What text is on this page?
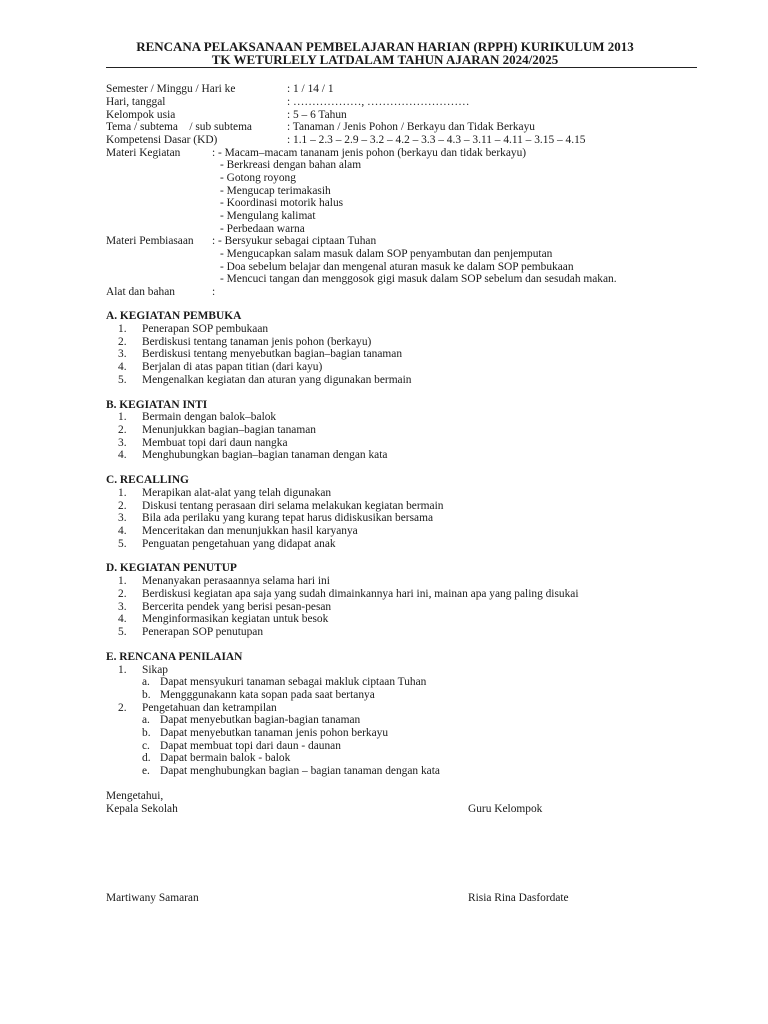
RENCANA PELAKSANAAN PEMBELAJARAN HARIAN (RPPH) KURIKULUM 2013
TK WETURLELY LATDALAM TAHUN AJARAN 2024/2025
Semester / Minggu / Hari ke	: 1 / 14 / 1
Hari, tanggal	: ………………, ………………………
Kelompok usia	: 5 – 6 Tahun
Tema / subtema    / sub subtema	: Tanaman / Jenis Pohon / Berkayu dan Tidak Berkayu
Kompetensi Dasar (KD)	: 1.1 – 2.3 – 2.9 – 3.2 – 4.2 – 3.3 – 4.3 – 3.11 – 4.11 – 3.15 – 4.15
Materi Kegiatan	: - Macam–macam tananam jenis pohon (berkayu dan tidak berkayu)
- Berkreasi dengan bahan alam
- Gotong royong
- Mengucap terimakasih
- Koordinasi motorik halus
- Mengulang kalimat
- Perbedaan warna
Materi Pembiasaan : - Bersyukur sebagai ciptaan Tuhan
- Mengucapkan salam masuk dalam SOP penyambutan dan penjemputan
- Doa sebelum belajar dan mengenal aturan masuk ke dalam SOP pembukaan
- Mencuci tangan dan menggosok gigi masuk dalam SOP sebelum dan sesudah makan.
Alat dan bahan	:
A. KEGIATAN PEMBUKA
1. Penerapan SOP pembukaan
2. Berdiskusi tentang tanaman jenis pohon (berkayu)
3. Berdiskusi tentang menyebutkan bagian–bagian tanaman
4. Berjalan di atas papan titian (dari kayu)
5. Mengenalkan kegiatan dan aturan yang digunakan bermain
B. KEGIATAN INTI
1. Bermain dengan balok–balok
2. Menunjukkan bagian–bagian tanaman
3. Membuat topi dari daun nangka
4. Menghubungkan bagian–bagian tanaman dengan kata
C. RECALLING
1. Merapikan alat-alat yang telah digunakan
2. Diskusi tentang perasaan diri selama melakukan kegiatan bermain
3. Bila ada perilaku yang kurang tepat harus didiskusikan bersama
4. Menceritakan dan menunjukkan hasil karyanya
5. Penguatan pengetahuan yang didapat anak
D. KEGIATAN PENUTUP
1. Menanyakan perasaannya selama hari ini
2. Berdiskusi kegiatan apa saja yang sudah dimainkannya hari ini, mainan apa yang paling disukai
3. Bercerita pendek yang berisi pesan-pesan
4. Menginformasikan kegiatan untuk besok
5. Penerapan SOP penutupan
E. RENCANA PENILAIAN
1. Sikap
a. Dapat mensyukuri tanaman sebagai makluk ciptaan Tuhan
b. Mengggunakann kata sopan pada saat bertanya
2. Pengetahuan dan ketrampilan
a. Dapat menyebutkan bagian-bagian tanaman
b. Dapat menyebutkan tanaman jenis pohon berkayu
c. Dapat membuat topi dari daun - daunan
d. Dapat bermain balok - balok
e. Dapat menghubungkan bagian – bagian tanaman dengan kata
Mengetahui,
Kepala Sekolah	Guru Kelompok
Martiwany Samaran	Risia Rina Dasfordate
